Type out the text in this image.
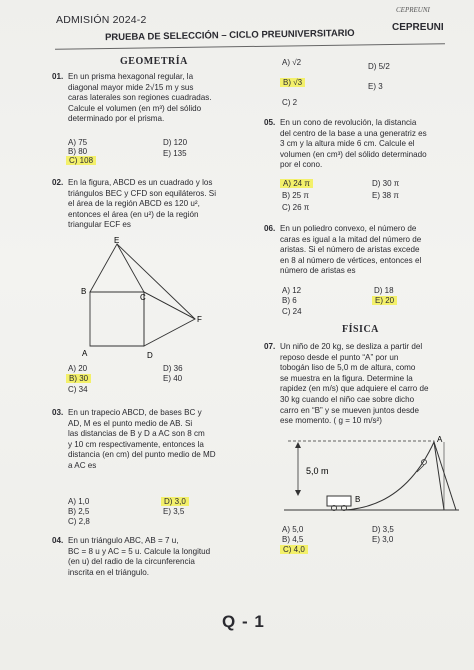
CEPREUNI
ADMISIÓN 2024-2
CEPREUNI
PRUEBA DE SELECCIÓN – CICLO PREUNIVERSITARIO
GEOMETRÍA
01. En un prisma hexagonal regular, la
diagonal mayor mide 2√15 m y sus
caras laterales son regiones cuadradas.
Calcule el volumen (en m³) del sólido
determinado por el prisma.
A) 75
B) 80
C) 108
D) 120
E) 135
02. En la figura, ABCD es un cuadrado y los
triángulos BEC y CFD son equiláteros. Si
el área de la región ABCD es 120 u²,
entonces el área (en u²) de la región
triangular ECF es
E
B
C
F
A	D
A) 20
B) 30
C) 34
D) 36
E) 40
03. En un trapecio ABCD, de bases BC y
AD, M es el punto medio de AB. Si
las distancias de B y D a AC son 8 cm
y 10 cm respectivamente, entonces la
distancia (en cm) del punto medio de MD
a AC es
A) 1,0
B) 2,5
C) 2,8
D) 3,0
E) 3,5
04. En un triángulo ABC, AB = 7 u,
BC = 8 u y AC = 5 u. Calcule la longitud
(en u) del radio de la circunferencia
inscrita en el triángulo.
A) √2
B) √3
C) 2
D) 5/2
E) 3
05. En un cono de revolución, la distancia
del centro de la base a una generatriz es
3 cm y la altura mide 6 cm. Calcule el
volumen (en cm³) del sólido determinado
por el cono.
A) 24 π
B) 25 π
C) 26 π
D) 30 π
E) 38 π
06. En un poliedro convexo, el número de
caras es igual a la mitad del número de
aristas. Si el número de aristas excede
en 8 al número de vértices, entonces el
número de aristas es
A) 12
B) 6
C) 24
D) 18
E) 20
FÍSICA
07. Un niño de 20 kg, se desliza a partir del
reposo desde el punto “A” por un
tobogán liso de 5,0 m de altura, como
se muestra en la figura. Determine la
rapidez (en m/s) que adquiere el carro de
30 kg cuando el niño cae sobre dicho
carro en “B” y se mueven juntos desde
ese momento. ( g = 10 m/s²)
5,0 m
A
B
A) 5,0
B) 4,5
C) 4,0
D) 3,5
E) 3,0
Q - 1
